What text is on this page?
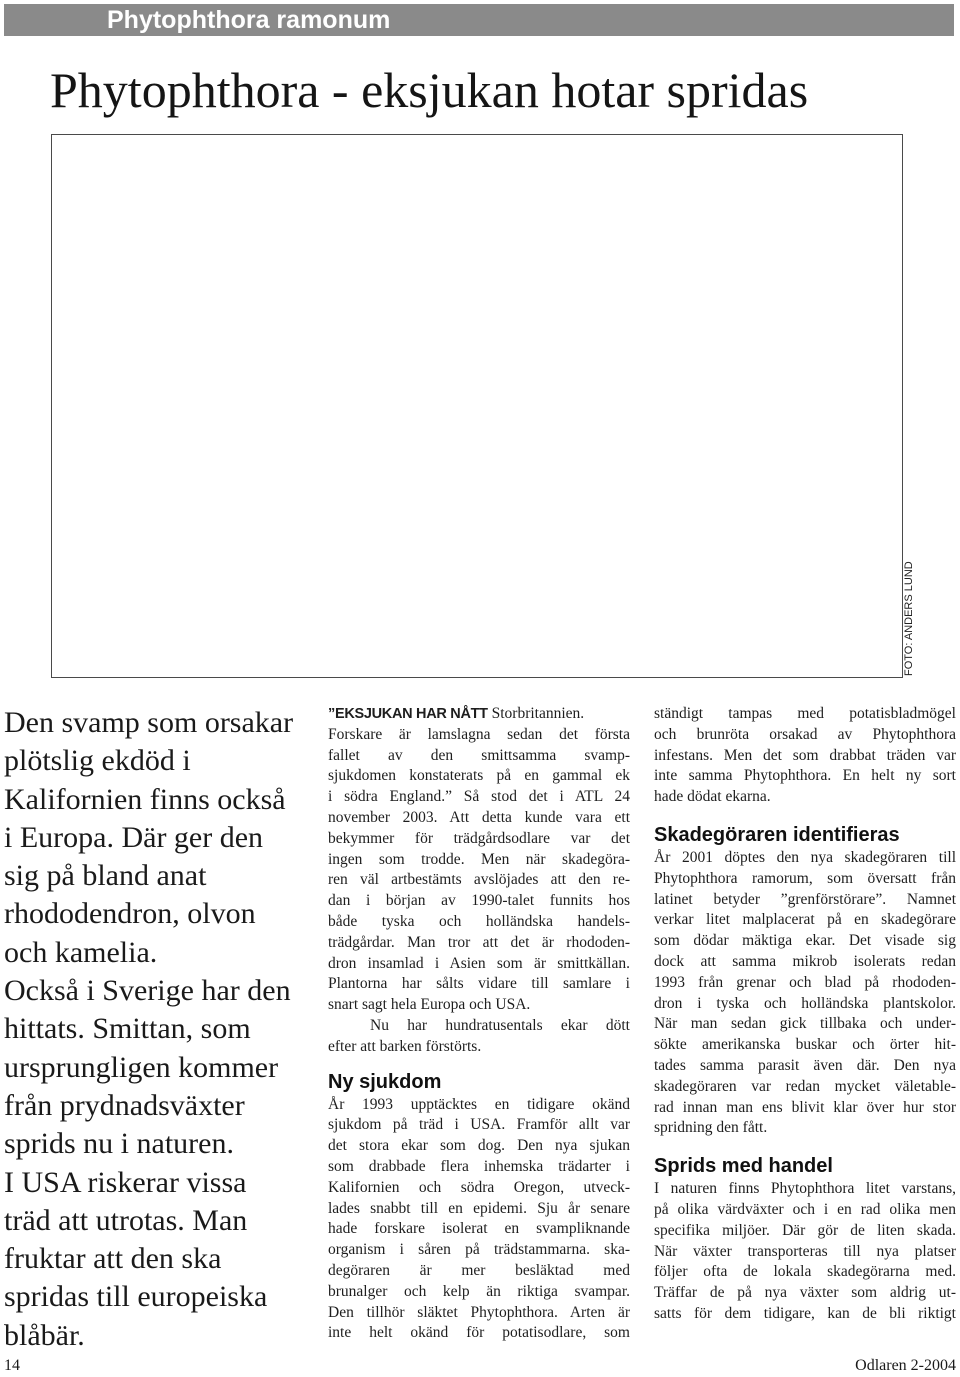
Phytophthora ramonum
Phytophthora - eksjukan hotar spridas
FOTO: ANDERS LUND
Den svamp som orsakar
plötslig ekdöd i
Kalifornien finns också
i Europa. Där ger den
sig på bland anat
rhododendron, olvon
och kamelia.
Också i Sverige har den
hittats. Smittan, som
ursprungligen kommer
från prydnadsväxter
sprids nu i naturen.
I USA riskerar vissa
träd att utrotas. Man
fruktar att den ska
spridas till europeiska
blåbär.
”EKSJUKAN HAR NÅTT Storbritannien.
Forskare är lamslagna sedan det första
fallet av den smittsamma svamp-
sjukdomen konstaterats på en gammal ek
i södra England.” Så stod det i ATL 24
november 2003. Att detta kunde vara ett
bekymmer för trädgårdsodlare var det
ingen som trodde. Men när skadegöra-
ren väl artbestämts avslöjades att den re-
dan i början av 1990-talet funnits hos
både tyska och holländska handels-
trädgårdar. Man tror att det är rhododen-
dron insamlad i Asien som är smittkällan.
Plantorna har sålts vidare till samlare i
snart sagt hela Europa och USA.
Nu har hundratusentals ekar dött
efter att barken förstörts.
Ny sjukdom
År 1993 upptäcktes en tidigare okänd
sjukdom på träd i USA. Framför allt var
det stora ekar som dog. Den nya sjukan
som drabbade flera inhemska trädarter i
Kalifornien och södra Oregon, utveck-
lades snabbt till en epidemi. Sju år senare
hade forskare isolerat en svampliknande
organism i såren på trädstammarna. ska-
degöraren är mer besläktad med
brunalger och kelp än riktiga svampar.
Den tillhör släktet Phytophthora. Arten är
inte helt okänd för potatisodlare, som
ständigt tampas med potatisbladmögel
och brunröta orsakad av Phytophthora
infestans. Men det som drabbat träden var
inte samma Phytophthora. En helt ny sort
hade dödat ekarna.
Skadegöraren identifieras
År 2001 döptes den nya skadegöraren till
Phytophthora ramorum, som översatt från
latinet betyder ”grenförstörare”. Namnet
verkar litet malplacerat på en skadegörare
som dödar mäktiga ekar. Det visade sig
dock att samma mikrob isolerats redan
1993 från grenar och blad på rhododen-
dron i tyska och holländska plantskolor.
När man sedan gick tillbaka och under-
sökte amerikanska buskar och örter hit-
tades samma parasit även där. Den nya
skadegöraren var redan mycket väletable-
rad innan man ens blivit klar över hur stor
spridning den fått.
Sprids med handel
I naturen finns Phytophthora litet varstans,
på olika värdväxter och i en rad olika men
specifika miljöer. Där gör de liten skada.
När växter transporteras till nya platser
följer ofta de lokala skadegörarna med.
Träffar de på nya växter som aldrig ut-
satts för dem tidigare, kan de bli riktigt
14	Odlaren 2-2004
